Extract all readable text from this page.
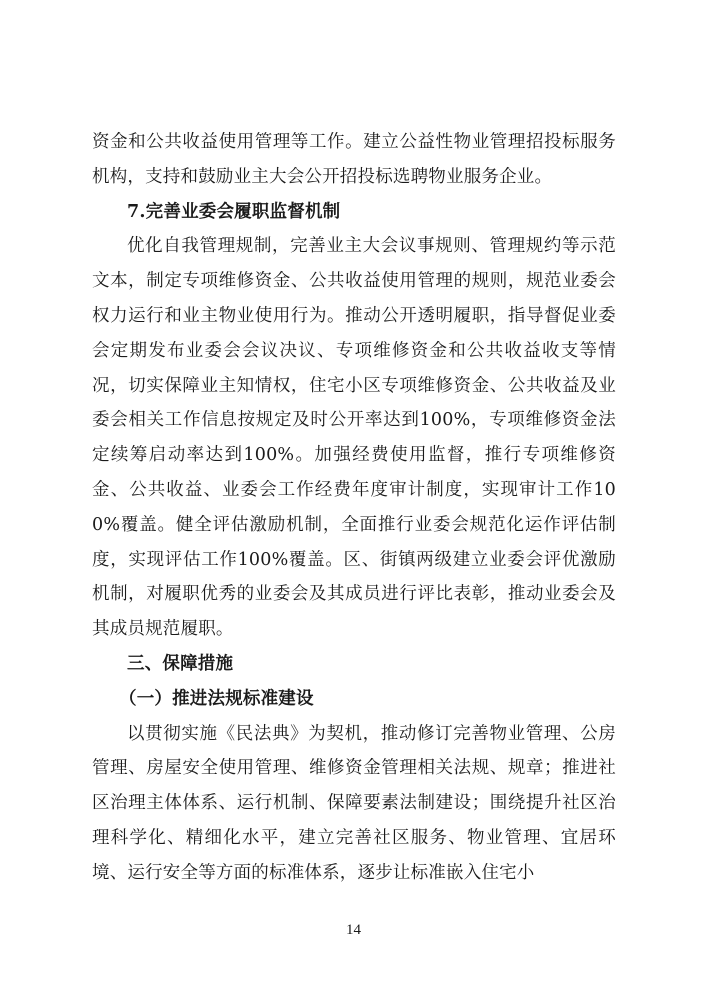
资金和公共收益使用管理等工作。建立公益性物业管理招投标服务机构，支持和鼓励业主大会公开招投标选聘物业服务企业。

7.完善业委会履职监督机制

优化自我管理规制，完善业主大会议事规则、管理规约等示范文本，制定专项维修资金、公共收益使用管理的规则，规范业委会权力运行和业主物业使用行为。推动公开透明履职，指导督促业委会定期发布业委会会议决议、专项维修资金和公共收益收支等情况，切实保障业主知情权，住宅小区专项维修资金、公共收益及业委会相关工作信息按规定及时公开率达到100%，专项维修资金法定续筹启动率达到100%。加强经费使用监督，推行专项维修资金、公共收益、业委会工作经费年度审计制度，实现审计工作100%覆盖。健全评估激励机制，全面推行业委会规范化运作评估制度，实现评估工作100%覆盖。区、街镇两级建立业委会评优激励机制，对履职优秀的业委会及其成员进行评比表彰，推动业委会及其成员规范履职。

三、保障措施

（一）推进法规标准建设

以贯彻实施《民法典》为契机，推动修订完善物业管理、公房管理、房屋安全使用管理、维修资金管理相关法规、规章；推进社区治理主体体系、运行机制、保障要素法制建设；围绕提升社区治理科学化、精细化水平，建立完善社区服务、物业管理、宜居环境、运行安全等方面的标准体系，逐步让标准嵌入住宅小

14
